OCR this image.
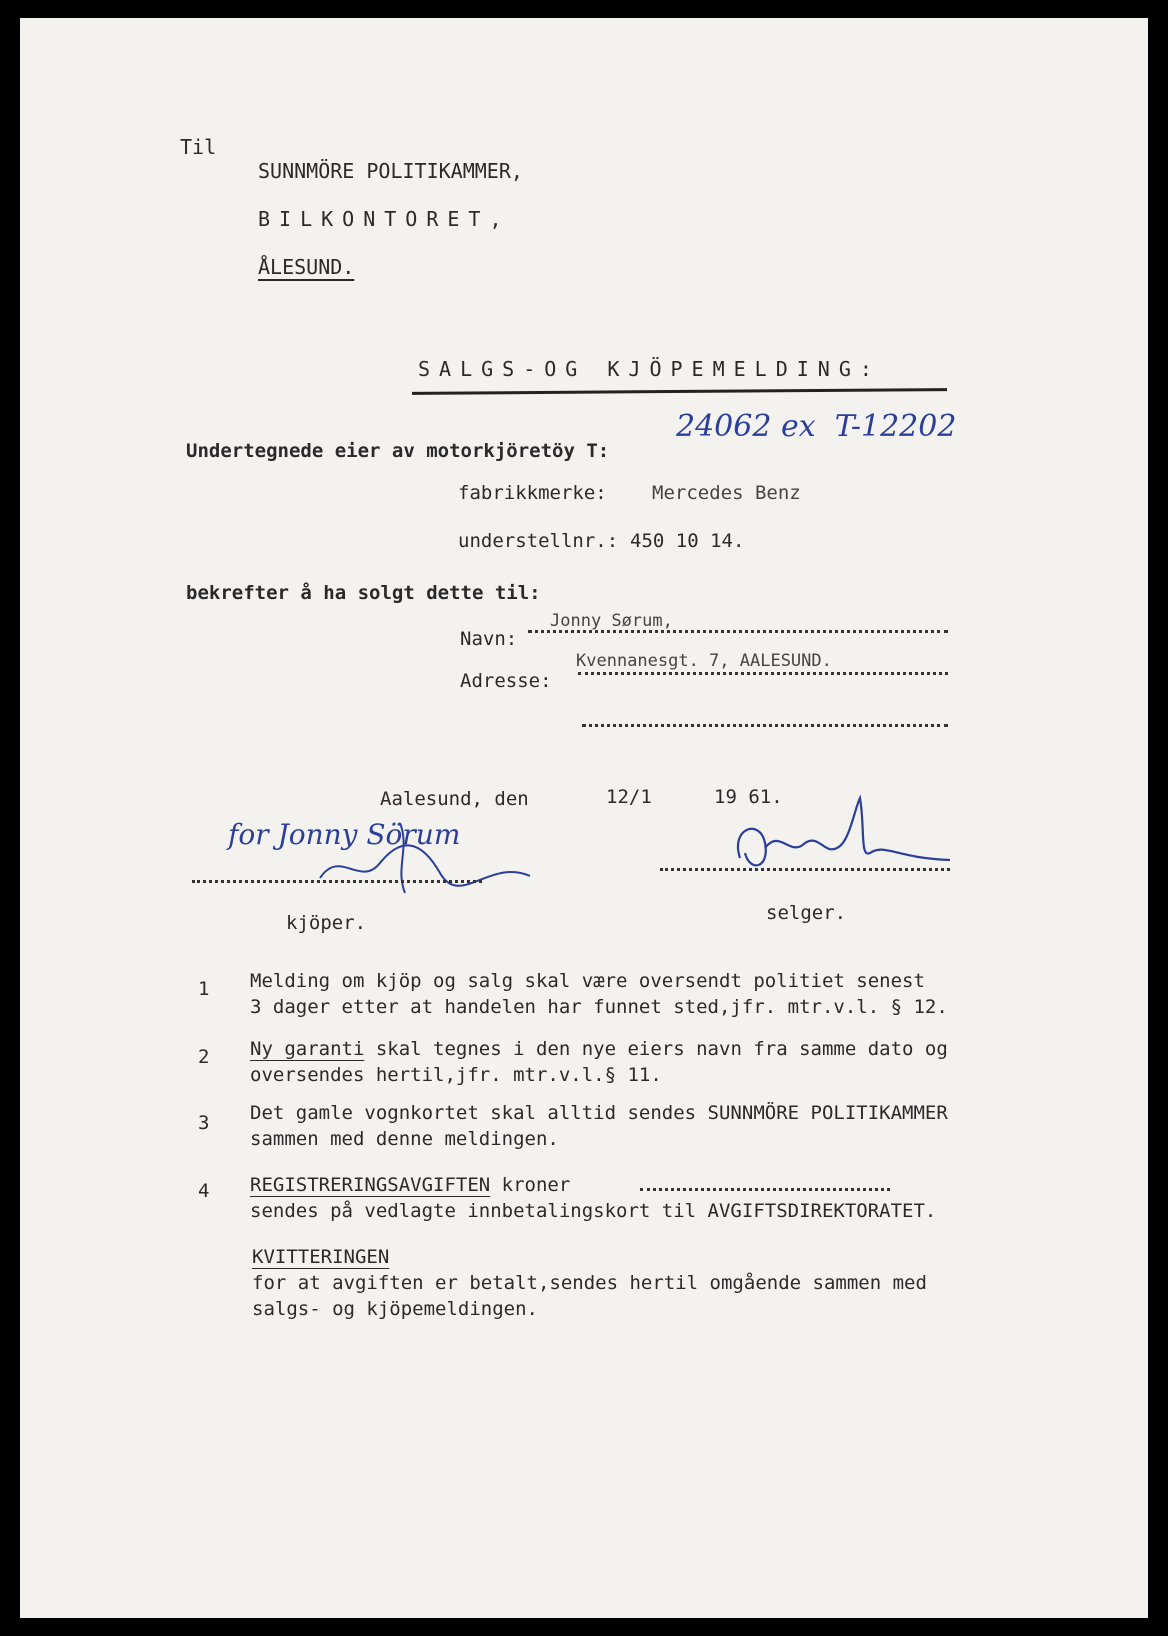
Til
SUNNMÖRE POLITIKAMMER,
BILKONTORET,
ÅLESUND.
SALGS-OG KJÖPEMELDING:
Undertegnede eier av motorkjöretöy T:
24062 ex  T-12202
fabrikkmerke: Mercedes Benz
understellnr.: 450 10 14.
bekrefter å ha solgt dette til:
Navn:
Jonny Sørum,
Adresse:
Kvennanesgt. 7, AALESUND.
Aalesund, den	12/1	19 61.
for Jonny Sörum
kjöper.	selger.
1 Melding om kjöp og salg skal være oversendt politiet senest
3 dager etter at handelen har funnet sted,jfr. mtr.v.l. § 12.
2 Ny garanti skal tegnes i den nye eiers navn fra samme dato og
oversendes hertil,jfr. mtr.v.l.§ 11.
3 Det gamle vognkortet skal alltid sendes SUNNMÖRE POLITIKAMMER
sammen med denne meldingen.
4 REGISTRERINGSAVGIFTEN kroner
sendes på vedlagte innbetalingskort til AVGIFTSDIREKTORATET.
KVITTERINGEN
for at avgiften er betalt,sendes hertil omgående sammen med
salgs- og kjöpemeldingen.
